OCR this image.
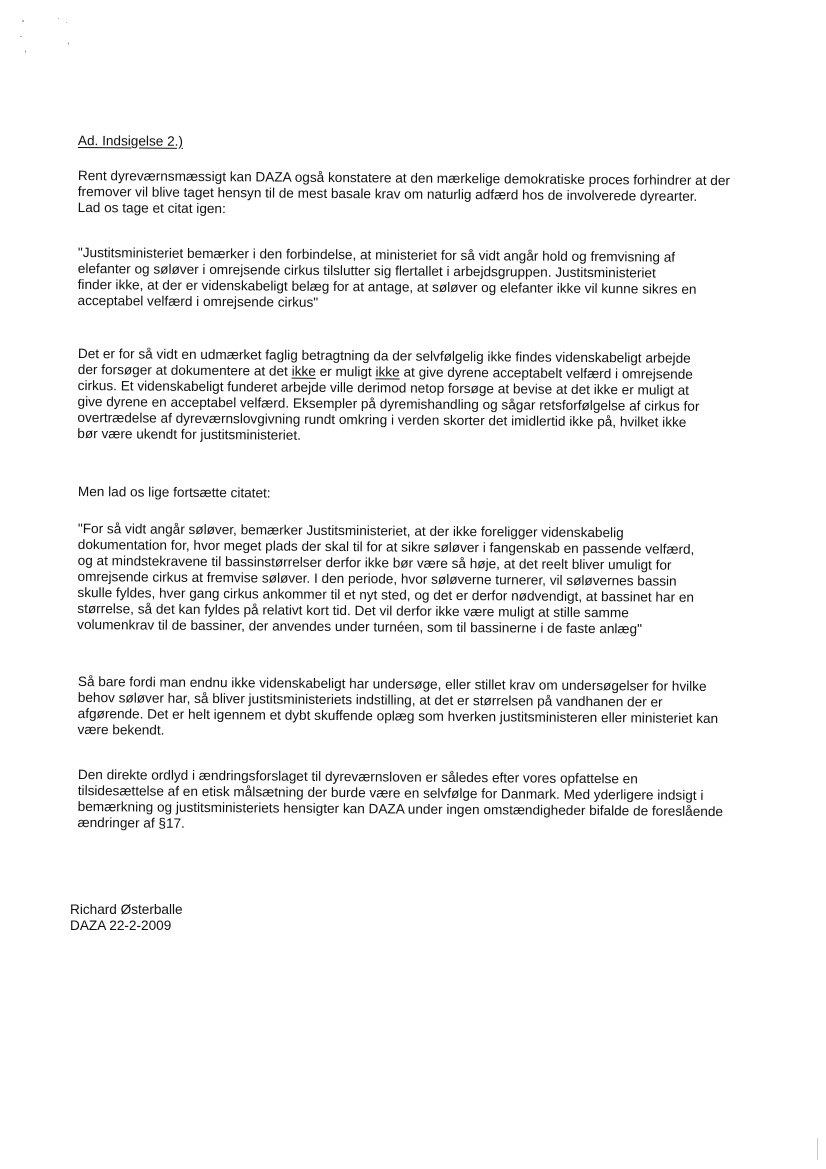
Ad. Indsigelse 2.)
Rent dyreværnsmæssigt kan DAZA også konstatere at den mærkelige demokratiske proces forhindrer at der
fremover vil blive taget hensyn til de mest basale krav om naturlig adfærd hos de involverede dyrearter.
Lad os tage et citat igen:
"Justitsministeriet bemærker i den forbindelse, at ministeriet for så vidt angår hold og fremvisning af
elefanter og søløver i omrejsende cirkus tilslutter sig flertallet i arbejdsgruppen. Justitsministeriet
finder ikke, at der er videnskabeligt belæg for at antage, at søløver og elefanter ikke vil kunne sikres en
acceptabel velfærd i omrejsende cirkus"
Det er for så vidt en udmærket faglig betragtning da der selvfølgelig ikke findes videnskabeligt arbejde
der forsøger at dokumentere at det ikke er muligt ikke at give dyrene acceptabelt velfærd i omrejsende
cirkus. Et videnskabeligt funderet arbejde ville derimod netop forsøge at bevise at det ikke er muligt at
give dyrene en acceptabel velfærd. Eksempler på dyremishandling og sågar retsforfølgelse af cirkus for
overtrædelse af dyreværnslovgivning rundt omkring i verden skorter det imidlertid ikke på, hvilket ikke
bør være ukendt for justitsministeriet.
Men lad os lige fortsætte citatet:
"For så vidt angår søløver, bemærker Justitsministeriet, at der ikke foreligger videnskabelig
dokumentation for, hvor meget plads der skal til for at sikre søløver i fangenskab en passende velfærd,
og at mindstekravene til bassinstørrelser derfor ikke bør være så høje, at det reelt bliver umuligt for
omrejsende cirkus at fremvise søløver. I den periode, hvor søløverne turnerer, vil søløvernes bassin
skulle fyldes, hver gang cirkus ankommer til et nyt sted, og det er derfor nødvendigt, at bassinet har en
størrelse, så det kan fyldes på relativt kort tid. Det vil derfor ikke være muligt at stille samme
volumenkrav til de bassiner, der anvendes under turnéen, som til bassinerne i de faste anlæg"
Så bare fordi man endnu ikke videnskabeligt har undersøge, eller stillet krav om undersøgelser for hvilke
behov søløver har, så bliver justitsministeriets indstilling, at det er størrelsen på vandhanen der er
afgørende. Det er helt igennem et dybt skuffende oplæg som hverken justitsministeren eller ministeriet kan
være bekendt.
Den direkte ordlyd i ændringsforslaget til dyreværnsloven er således efter vores opfattelse en
tilsidesættelse af en etisk målsætning der burde være en selvfølge for Danmark. Med yderligere indsigt i
bemærkning og justitsministeriets hensigter kan DAZA under ingen omstændigheder bifalde de foreslående
ændringer af §17.
Richard Østerballe
DAZA 22-2-2009
